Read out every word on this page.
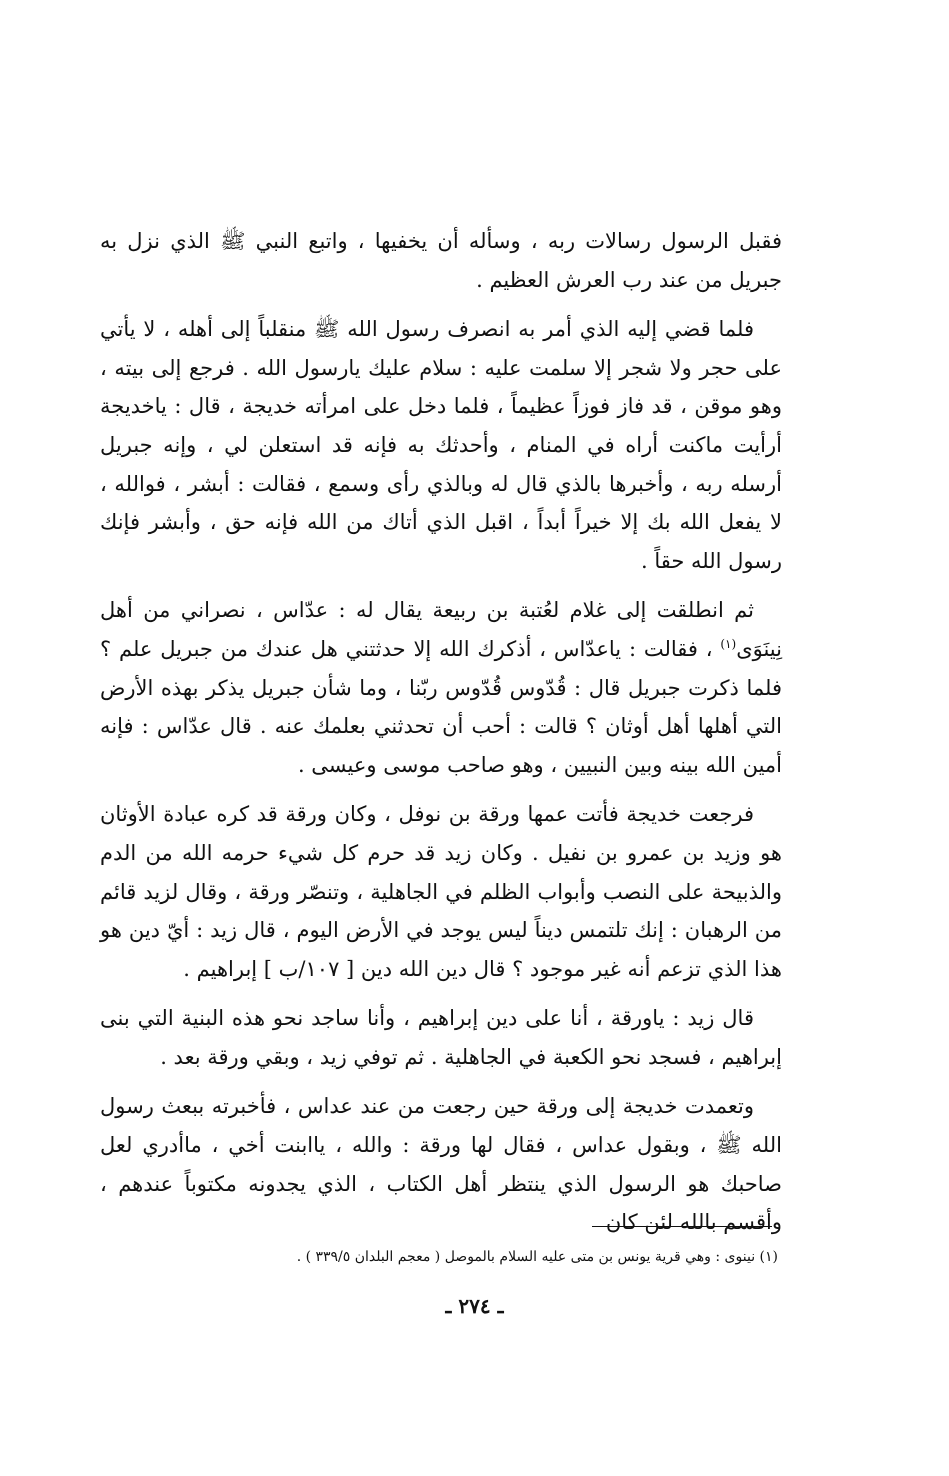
فقبل الرسول رسالات ربه ، وسأله أن يخفيها ، واتبع النبي ﷺ الذي نزل به جبريل من عند رب العرش العظيم .

فلما قضي إليه الذي أمر به انصرف رسول الله ﷺ منقلباً إلى أهله ، لا يأتي على حجر ولا شجر إلا سلمت عليه : سلام عليك يارسول الله . فرجع إلى بيته ، وهو موقن ، قد فاز فوزاً عظيماً ، فلما دخل على امرأته خديجة ، قال : ياخديجة أرأيت ماكنت أراه في المنام ، وأحدثك به فإنه قد استعلن لي ، وإنه جبريل أرسله ربه ، وأخبرها بالذي قال له وبالذي رأى وسمع ، فقالت : أبشر ، فوالله ، لا يفعل الله بك إلا خيراً أبداً ، اقبل الذي أتاك من الله فإنه حق ، وأبشر فإنك رسول الله حقاً .

ثم انطلقت إلى غلام لعُتبة بن ربيعة يقال له : عدّاس ، نصراني من أهل نِينَوَى$^{(١)}$ ، فقالت : ياعدّاس ، أذكرك الله إلا حدثتني هل عندك من جبريل علم ؟ فلما ذكرت جبريل قال : قُدّوس قُدّوس ربّنا ، وما شأن جبريل يذكر بهذه الأرض التي أهلها أهل أوثان ؟ قالت : أحب أن تحدثني بعلمك عنه . قال عدّاس : فإنه أمين الله بينه وبين النبيين ، وهو صاحب موسى وعيسى .

فرجعت خديجة فأتت عمها ورقة بن نوفل ، وكان ورقة قد كره عبادة الأوثان هو وزيد بن عمرو بن نفيل . وكان زيد قد حرم كل شيء حرمه الله من الدم والذبيحة على النصب وأبواب الظلم في الجاهلية ، وتنصّر ورقة ، وقال لزيد قائم من الرهبان : إنك تلتمس ديناً ليس يوجد في الأرض اليوم ، قال زيد : أيّ دين هو هذا الذي تزعم أنه غير موجود ؟ قال دين الله دين [ ١٠٧/ب ] إبراهيم .

قال زيد : ياورقة ، أنا على دين إبراهيم ، وأنا ساجد نحو هذه البنية التي بنى إبراهيم ، فسجد نحو الكعبة في الجاهلية . ثم توفي زيد ، وبقي ورقة بعد .

وتعمدت خديجة إلى ورقة حين رجعت من عند عداس ، فأخبرته ببعث رسول الله ﷺ ، وبقول عداس ، فقال لها ورقة : والله ، ياابنت أخي ، ماأدري لعل صاحبك هو الرسول الذي ينتظر أهل الكتاب ، الذي يجدونه مكتوباً عندهم ، وأقسم بالله لئن كان

(١) نينوى : وهي قرية يونس بن متى عليه السلام بالموصل ( معجم البلدان ٣٣٩/٥ ) .
ـ ٢٧٤ ـ
